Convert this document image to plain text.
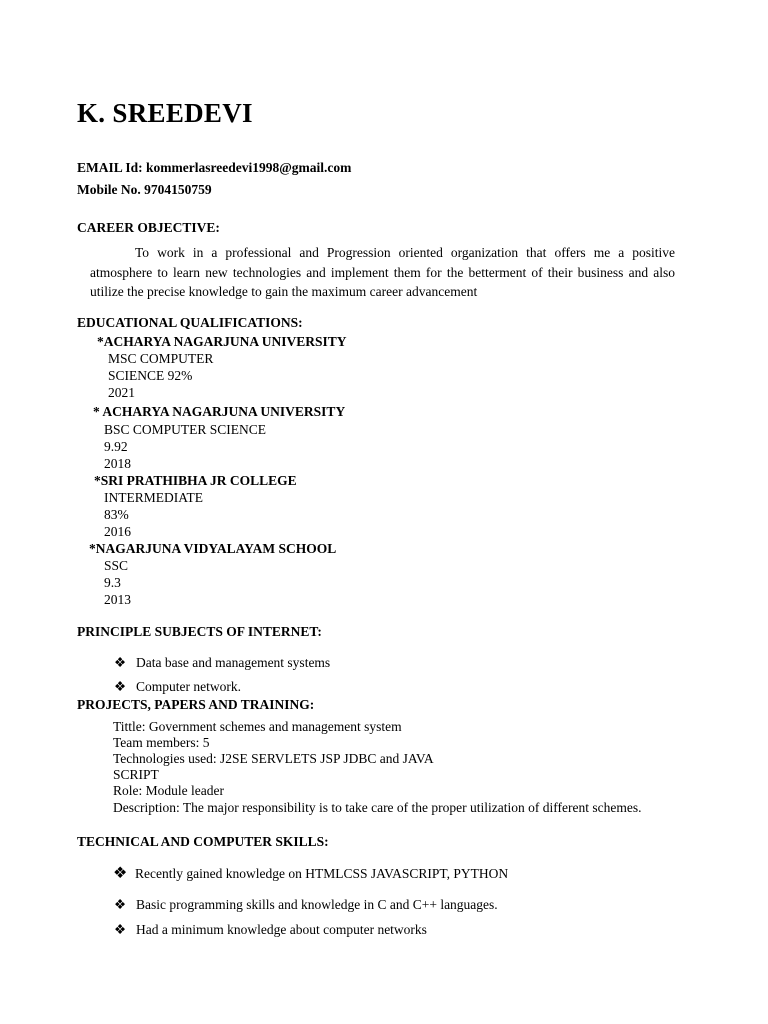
K. SREEDEVI
EMAIL Id: kommerlasreedevi1998@gmail.com
Mobile No. 9704150759
CAREER OBJECTIVE:
To work in a professional and Progression oriented organization that offers me a positive atmosphere to learn new technologies and implement them for the betterment of their business and also utilize the precise knowledge to gain the maximum career advancement
EDUCATIONAL QUALIFICATIONS:
*ACHARYA NAGARJUNA UNIVERSITY
MSC COMPUTER
SCIENCE 92%
2021
* ACHARYA NAGARJUNA UNIVERSITY
BSC COMPUTER SCIENCE
9.92
2018
*SRI PRATHIBHA JR COLLEGE
INTERMEDIATE
83%
2016
*NAGARJUNA VIDYALAYAM SCHOOL
SSC
9.3
2013
PRINCIPLE SUBJECTS OF INTERNET:
❖ Data base and management systems
❖ Computer network.
PROJECTS, PAPERS AND TRAINING:
Tittle: Government schemes and management system
Team members: 5
Technologies used: J2SE SERVLETS JSP JDBC and JAVA
SCRIPT
Role: Module leader
Description: The major responsibility is to take care of the proper utilization of different schemes.
TECHNICAL AND COMPUTER SKILLS:
❖ Recently gained knowledge on HTMLCSS JAVASCRIPT, PYTHON
❖ Basic programming skills and knowledge in C and C++ languages.
❖ Had a minimum knowledge about computer networks
